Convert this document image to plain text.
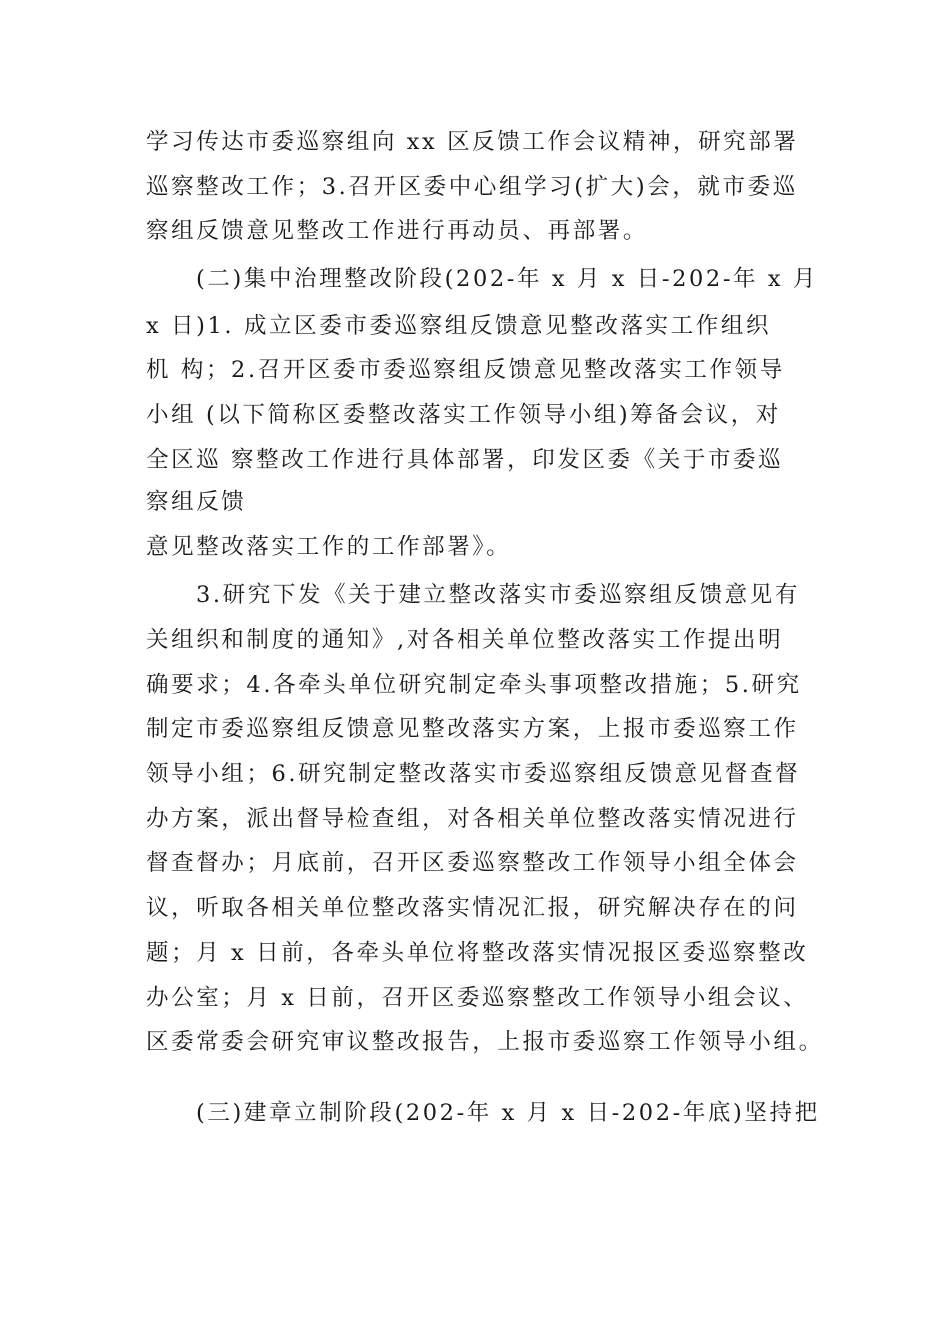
学习传达市委巡察组向 xx 区反馈工作会议精神，研究部署

巡察整改工作；3.召开区委中心组学习(扩大)会，就市委巡

察组反馈意见整改工作进行再动员、再部署。

(二)集中治理整改阶段(202-年 x 月 x 日-202-年 x 月

x 日)1. 成立区委市委巡察组反馈意见整改落实工作组织

机 构；2.召开区委市委巡察组反馈意见整改落实工作领导

小组 (以下简称区委整改落实工作领导小组)筹备会议，对

全区巡 察整改工作进行具体部署，印发区委《关于市委巡

察组反馈

意见整改落实工作的工作部署》。

3.研究下发《关于建立整改落实市委巡察组反馈意见有

关组织和制度的通知》,对各相关单位整改落实工作提出明

确要求；4.各牵头单位研究制定牵头事项整改措施；5.研究

制定市委巡察组反馈意见整改落实方案，上报市委巡察工作

领导小组；6.研究制定整改落实市委巡察组反馈意见督查督

办方案，派出督导检查组，对各相关单位整改落实情况进行

督查督办；月底前，召开区委巡察整改工作领导小组全体会

议，听取各相关单位整改落实情况汇报，研究解决存在的问

题；月 x 日前，各牵头单位将整改落实情况报区委巡察整改

办公室；月 x 日前，召开区委巡察整改工作领导小组会议、

区委常委会研究审议整改报告，上报市委巡察工作领导小组。

(三)建章立制阶段(202-年 x 月 x 日-202-年底)坚持把
